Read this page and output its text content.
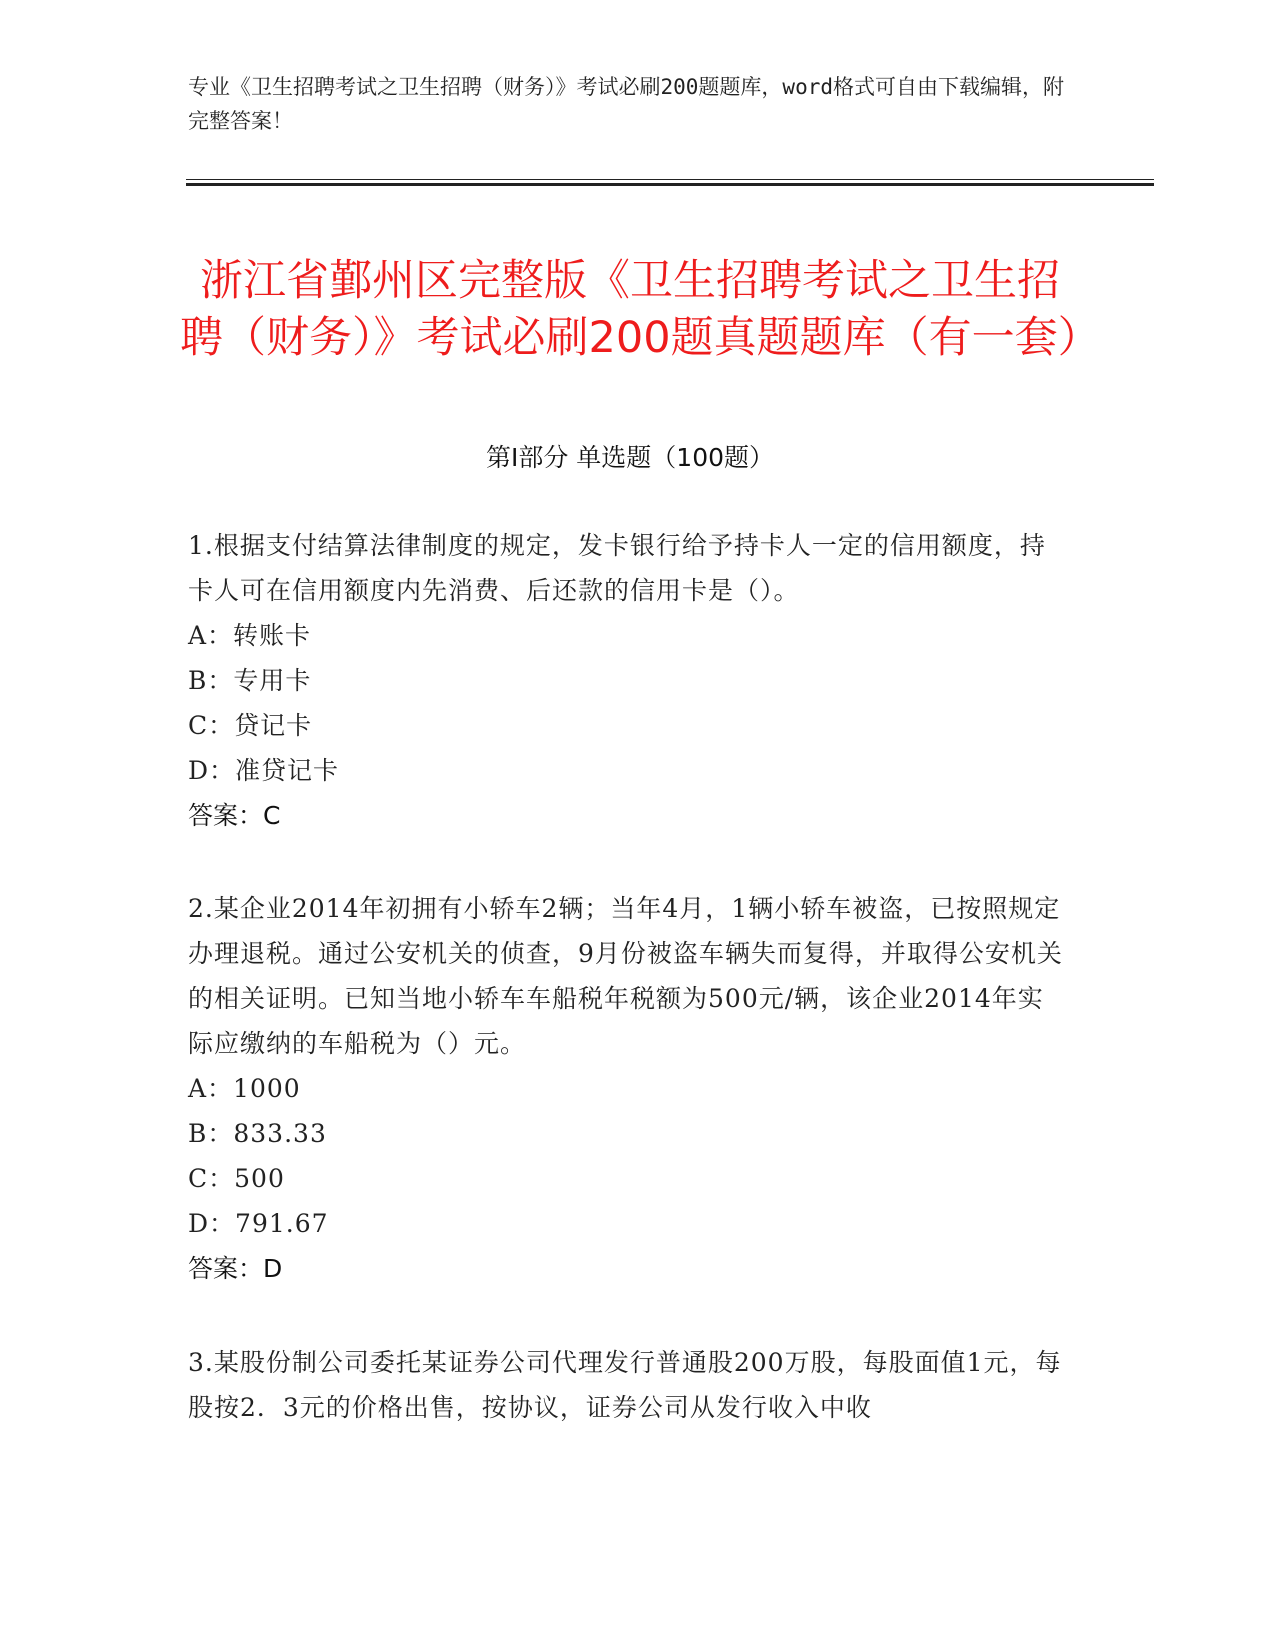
专业《卫生招聘考试之卫生招聘（财务）》考试必刷200题题库，word格式可自由下载编辑，附完整答案！
浙江省鄞州区完整版《卫生招聘考试之卫生招聘（财务）》考试必刷200题真题题库（有一套）
第Ⅰ部分 单选题（100题）

1.根据支付结算法律制度的规定，发卡银行给予持卡人一定的信用额度，持卡人可在信用额度内先消费、后还款的信用卡是（）。

A：转账卡

B：专用卡

C：贷记卡

D：准贷记卡

答案：C

2.某企业2014年初拥有小轿车2辆；当年4月，1辆小轿车被盗，已按照规定办理退税。通过公安机关的侦查，9月份被盗车辆失而复得，并取得公安机关的相关证明。已知当地小轿车车船税年税额为500元/辆，该企业2014年实际应缴纳的车船税为（）元。

A：1000

B：833.33

C：500

D：791.67

答案：D

3.某股份制公司委托某证券公司代理发行普通股200万股，每股面值1元，每股按2．3元的价格出售，按协议，证券公司从发行收入中收
